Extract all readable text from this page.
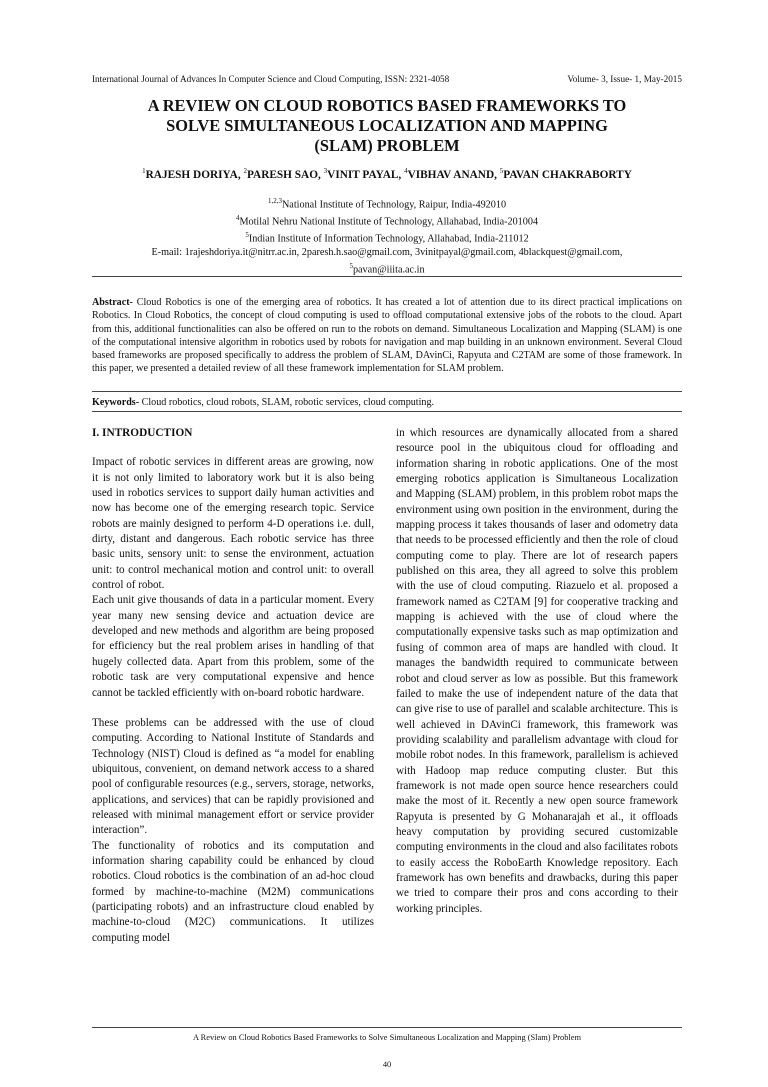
International Journal of Advances In Computer Science and Cloud Computing, ISSN: 2321-4058	Volume- 3, Issue- 1, May-2015
A REVIEW ON CLOUD ROBOTICS BASED FRAMEWORKS TO
SOLVE SIMULTANEOUS LOCALIZATION AND MAPPING
(SLAM) PROBLEM
$^1$RAJESH DORIYA, $^2$PARESH SAO, $^3$VINIT PAYAL, $^4$VIBHAV ANAND, $^5$PAVAN CHAKRABORTY
$^{1,2,3}$National Institute of Technology, Raipur, India-492010
$^4$Motilal Nehru National Institute of Technology, Allahabad, India-201004
$^5$Indian Institute of Information Technology, Allahabad, India-211012
E-mail: 1rajeshdoriya.it@nitrr.ac.in, 2paresh.h.sao@gmail.com, 3vinitpayal@gmail.com, 4blackquest@gmail.com,
$^5$pavan@iiita.ac.in
Abstract- Cloud Robotics is one of the emerging area of robotics. It has created a lot of attention due to its direct practical implications on Robotics. In Cloud Robotics, the concept of cloud computing is used to offload computational extensive jobs of the robots to the cloud. Apart from this, additional functionalities can also be offered on run to the robots on demand. Simultaneous Localization and Mapping (SLAM) is one of the computational intensive algorithm in robotics used by robots for navigation and map building in an unknown environment. Several Cloud based frameworks are proposed specifically to address the problem of SLAM, DAvinCi, Rapyuta and C2TAM are some of those framework. In this paper, we presented a detailed review of all these framework implementation for SLAM problem.
Keywords- Cloud robotics, cloud robots, SLAM, robotic services, cloud computing.
I. INTRODUCTION

Impact of robotic services in different areas are growing, now it is not only limited to laboratory work but it is also being used in robotics services to support daily human activities and now has become one of the emerging research topic. Service robots are mainly designed to perform 4-D operations i.e. dull, dirty, distant and dangerous. Each robotic service has three basic units, sensory unit: to sense the environment, actuation unit: to control mechanical motion and control unit: to overall control of robot.

Each unit give thousands of data in a particular moment. Every year many new sensing device and actuation device are developed and new methods and algorithm are being proposed for efficiency but the real problem arises in handling of that hugely collected data. Apart from this problem, some of the robotic task are very computational expensive and hence cannot be tackled efficiently with on-board robotic hardware.

These problems can be addressed with the use of cloud computing. According to National Institute of Standards and Technology (NIST) Cloud is defined as “a model for enabling ubiquitous, convenient, on demand network access to a shared pool of configurable resources (e.g., servers, storage, networks, applications, and services) that can be rapidly provisioned and released with minimal management effort or service provider interaction”.

The functionality of robotics and its computation and information sharing capability could be enhanced by cloud robotics. Cloud robotics is the combination of an ad-hoc cloud formed by machine-to-machine (M2M) communications (participating robots) and an infrastructure cloud enabled by machine-to-cloud (M2C) communications. It utilizes computing model

in which resources are dynamically allocated from a shared resource pool in the ubiquitous cloud for offloading and information sharing in robotic applications. One of the most emerging robotics application is Simultaneous Localization and Mapping (SLAM) problem, in this problem robot maps the environment using own position in the environment, during the mapping process it takes thousands of laser and odometry data that needs to be processed efficiently and then the role of cloud computing come to play. There are lot of research papers published on this area, they all agreed to solve this problem with the use of cloud computing. Riazuelo et al. proposed a framework named as C2TAM [9] for cooperative tracking and mapping is achieved with the use of cloud where the computationally expensive tasks such as map optimization and fusing of common area of maps are handled with cloud. It manages the bandwidth required to communicate between robot and cloud server as low as possible. But this framework failed to make the use of independent nature of the data that can give rise to use of parallel and scalable architecture. This is well achieved in DAvinCi framework, this framework was providing scalability and parallelism advantage with cloud for mobile robot nodes. In this framework, parallelism is achieved with Hadoop map reduce computing cluster. But this framework is not made open source hence researchers could make the most of it. Recently a new open source framework Rapyuta is presented by G Mohanarajah et al., it offloads heavy computation by providing secured customizable computing environments in the cloud and also facilitates robots to easily access the RoboEarth Knowledge repository. Each framework has own benefits and drawbacks, during this paper we tried to compare their pros and cons according to their working principles.

A Review on Cloud Robotics Based Frameworks to Solve Simultaneous Localization and Mapping (Slam) Problem
40
